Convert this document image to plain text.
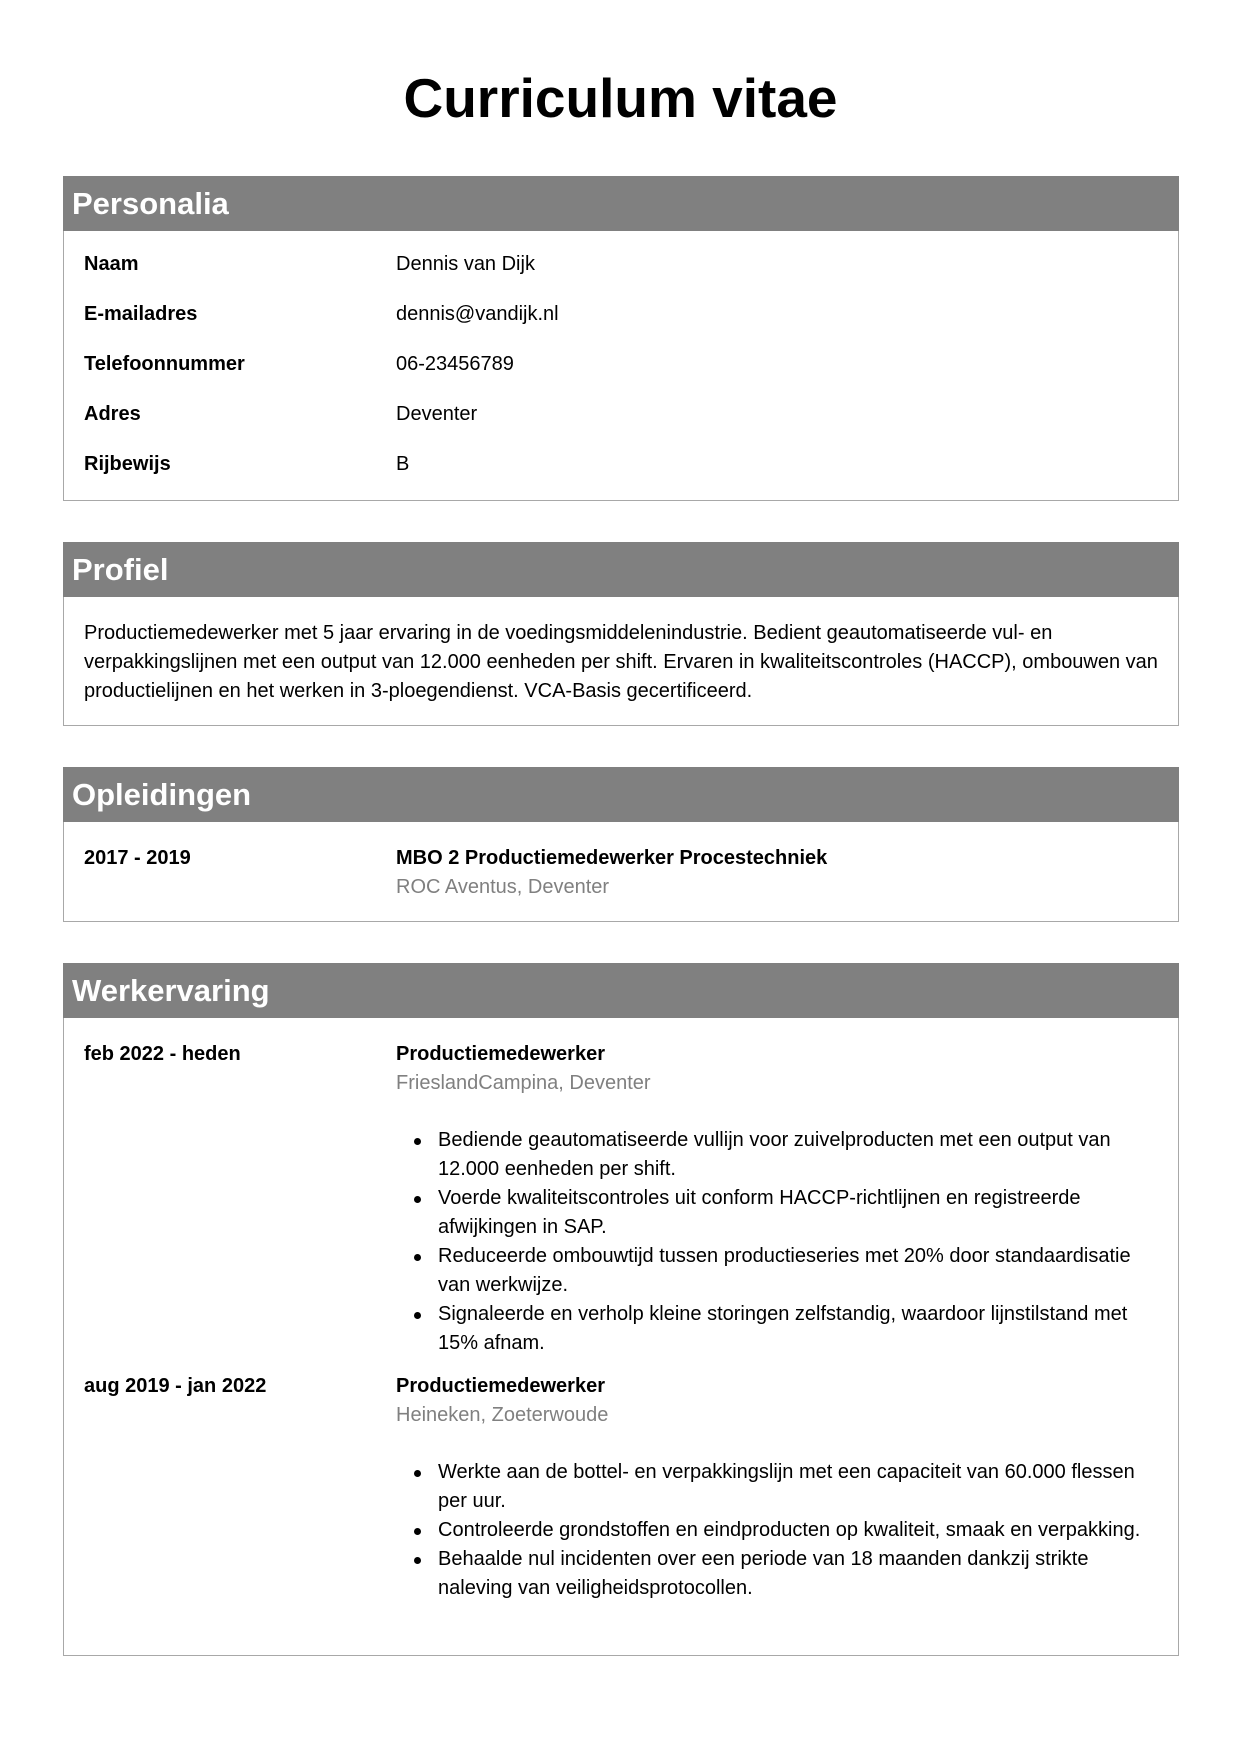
Curriculum vitae
Personalia
Naam	Dennis van Dijk
E-mailadres	dennis@vandijk.nl
Telefoonnummer	06-23456789
Adres	Deventer
Rijbewijs	B
Profiel
Productiemedewerker met 5 jaar ervaring in de voedingsmiddelenindustrie. Bedient geautomatiseerde vul- en verpakkingslijnen met een output van 12.000 eenheden per shift. Ervaren in kwaliteitscontroles (HACCP), ombouwen van productielijnen en het werken in 3-ploegendienst. VCA-Basis gecertificeerd.
Opleidingen
2017 - 2019	MBO 2 Productiemedewerker Procestechniek
ROC Aventus, Deventer
Werkervaring
feb 2022 - heden	Productiemedewerker
FrieslandCampina, Deventer
Bediende geautomatiseerde vullijn voor zuivelproducten met een output van 12.000 eenheden per shift.
Voerde kwaliteitscontroles uit conform HACCP-richtlijnen en registreerde afwijkingen in SAP.
Reduceerde ombouwtijd tussen productieseries met 20% door standaardisatie van werkwijze.
Signaleerde en verholp kleine storingen zelfstandig, waardoor lijnstilstand met 15% afnam.
aug 2019 - jan 2022	Productiemedewerker
Heineken, Zoeterwoude
Werkte aan de bottel- en verpakkingslijn met een capaciteit van 60.000 flessen per uur.
Controleerde grondstoffen en eindproducten op kwaliteit, smaak en verpakking.
Behaalde nul incidenten over een periode van 18 maanden dankzij strikte naleving van veiligheidsprotocollen.
